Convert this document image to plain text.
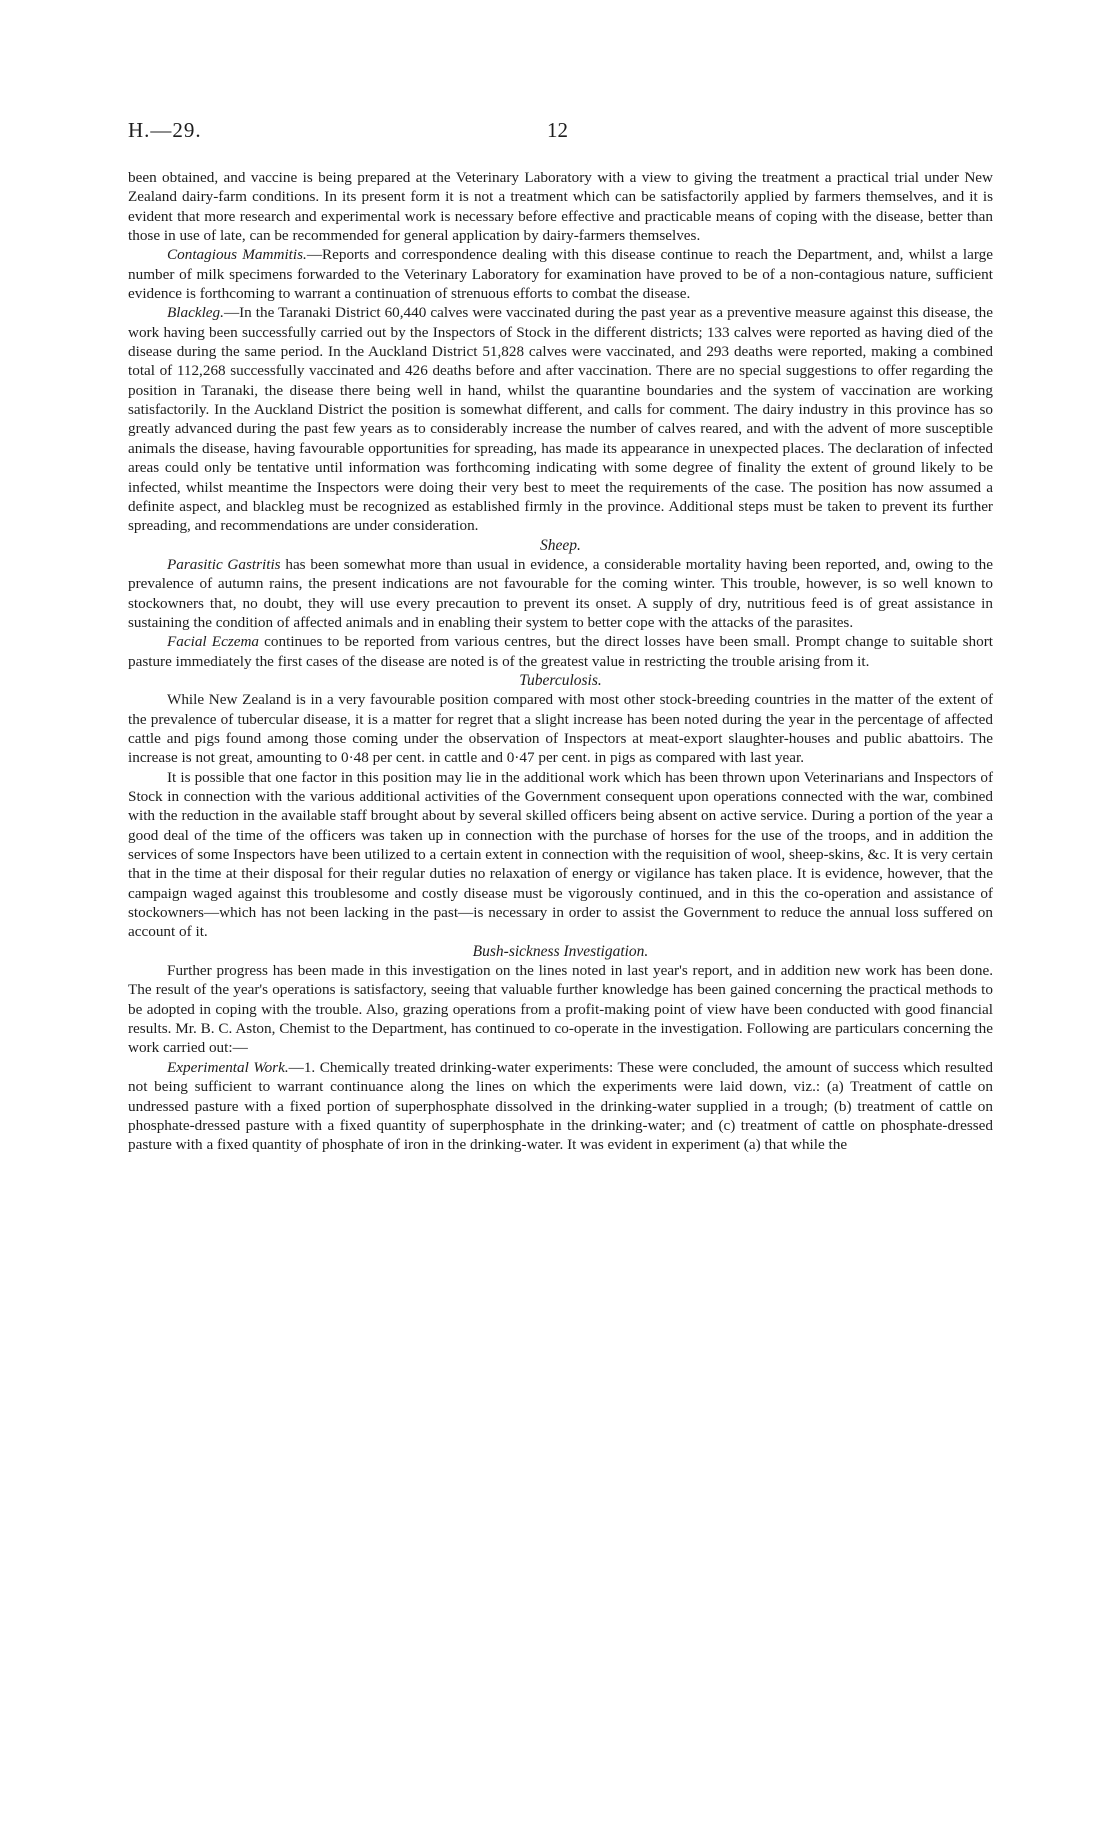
H.—29.	12

been obtained, and vaccine is being prepared at the Veterinary Laboratory with a view to giving the treatment a practical trial under New Zealand dairy-farm conditions. In its present form it is not a treatment which can be satisfactorily applied by farmers themselves, and it is evident that more research and experimental work is necessary before effective and practicable means of coping with the disease, better than those in use of late, can be recommended for general application by dairy-farmers themselves.

Contagious Mammitis.—Reports and correspondence dealing with this disease continue to reach the Department, and, whilst a large number of milk specimens forwarded to the Veterinary Laboratory for examination have proved to be of a non-contagious nature, sufficient evidence is forthcoming to warrant a continuation of strenuous efforts to combat the disease.

Blackleg.—In the Taranaki District 60,440 calves were vaccinated during the past year as a preventive measure against this disease, the work having been successfully carried out by the Inspectors of Stock in the different districts; 133 calves were reported as having died of the disease during the same period. In the Auckland District 51,828 calves were vaccinated, and 293 deaths were reported, making a combined total of 112,268 successfully vaccinated and 426 deaths before and after vaccination. There are no special suggestions to offer regarding the position in Taranaki, the disease there being well in hand, whilst the quarantine boundaries and the system of vaccination are working satisfactorily. In the Auckland District the position is somewhat different, and calls for comment. The dairy industry in this province has so greatly advanced during the past few years as to considerably increase the number of calves reared, and with the advent of more susceptible animals the disease, having favourable opportunities for spreading, has made its appearance in unexpected places. The declaration of infected areas could only be tentative until information was forthcoming indicating with some degree of finality the extent of ground likely to be infected, whilst meantime the Inspectors were doing their very best to meet the requirements of the case. The position has now assumed a definite aspect, and blackleg must be recognized as established firmly in the province. Additional steps must be taken to prevent its further spreading, and recommendations are under consideration.

Sheep.

Parasitic Gastritis has been somewhat more than usual in evidence, a considerable mortality having been reported, and, owing to the prevalence of autumn rains, the present indications are not favourable for the coming winter. This trouble, however, is so well known to stockowners that, no doubt, they will use every precaution to prevent its onset. A supply of dry, nutritious feed is of great assistance in sustaining the condition of affected animals and in enabling their system to better cope with the attacks of the parasites.

Facial Eczema continues to be reported from various centres, but the direct losses have been small. Prompt change to suitable short pasture immediately the first cases of the disease are noted is of the greatest value in restricting the trouble arising from it.

Tuberculosis.

While New Zealand is in a very favourable position compared with most other stock-breeding countries in the matter of the extent of the prevalence of tubercular disease, it is a matter for regret that a slight increase has been noted during the year in the percentage of affected cattle and pigs found among those coming under the observation of Inspectors at meat-export slaughter-houses and public abattoirs. The increase is not great, amounting to 0·48 per cent. in cattle and 0·47 per cent. in pigs as compared with last year.

It is possible that one factor in this position may lie in the additional work which has been thrown upon Veterinarians and Inspectors of Stock in connection with the various additional activities of the Government consequent upon operations connected with the war, combined with the reduction in the available staff brought about by several skilled officers being absent on active service. During a portion of the year a good deal of the time of the officers was taken up in connection with the purchase of horses for the use of the troops, and in addition the services of some Inspectors have been utilized to a certain extent in connection with the requisition of wool, sheep-skins, &c. It is very certain that in the time at their disposal for their regular duties no relaxation of energy or vigilance has taken place. It is evidence, however, that the campaign waged against this troublesome and costly disease must be vigorously continued, and in this the co-operation and assistance of stockowners—which has not been lacking in the past—is necessary in order to assist the Government to reduce the annual loss suffered on account of it.

Bush-sickness Investigation.

Further progress has been made in this investigation on the lines noted in last year's report, and in addition new work has been done. The result of the year's operations is satisfactory, seeing that valuable further knowledge has been gained concerning the practical methods to be adopted in coping with the trouble. Also, grazing operations from a profit-making point of view have been conducted with good financial results. Mr. B. C. Aston, Chemist to the Department, has continued to co-operate in the investigation. Following are particulars concerning the work carried out:—

Experimental Work.—1. Chemically treated drinking-water experiments: These were concluded, the amount of success which resulted not being sufficient to warrant continuance along the lines on which the experiments were laid down, viz.: (a) Treatment of cattle on undressed pasture with a fixed portion of superphosphate dissolved in the drinking-water supplied in a trough; (b) treatment of cattle on phosphate-dressed pasture with a fixed quantity of superphosphate in the drinking-water; and (c) treatment of cattle on phosphate-dressed pasture with a fixed quantity of phosphate of iron in the drinking-water. It was evident in experiment (a) that while the
